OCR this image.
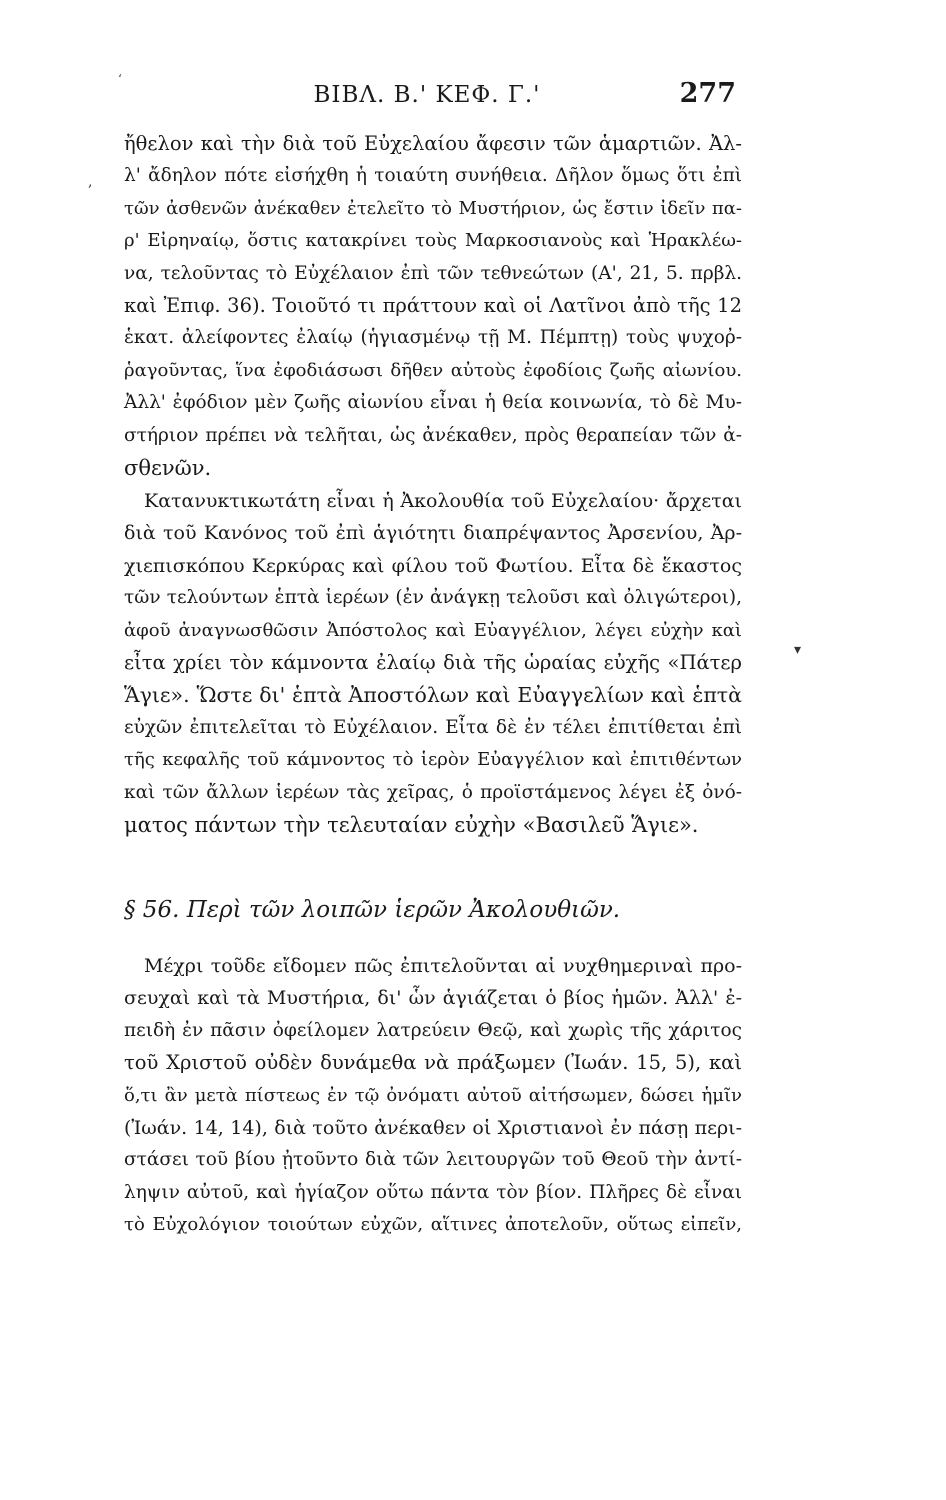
ʻ
,
▾
ΒΙΒΛ. Β.' ΚΕΦ. Γ.'	277
ἤθελον καὶ τὴν διὰ τοῦ Εὐχελαίου ἄφεσιν τῶν ἁμαρτιῶν. Ἀλ-
λ' ἄδηλον πότε εἰσήχθη ἡ τοιαύτη συνήθεια. Δῆλον ὅμως ὅτι ἐπὶ
τῶν ἀσθενῶν ἀνέκαθεν ἐτελεῖτο τὸ Μυστήριον, ὡς ἔστιν ἰδεῖν πα-
ρ' Εἰρηναίῳ, ὅστις κατακρίνει τοὺς Μαρκοσιανοὺς καὶ Ἡρακλέω-
να, τελοῦντας τὸ Εὐχέλαιον ἐπὶ τῶν τεθνεώτων (Α', 21, 5. πρβλ.
καὶ Ἐπιφ. 36). Τοιοῦτό τι πράττουν καὶ οἱ Λατῖνοι ἀπὸ τῆς 12
ἑκατ. ἀλείφοντες ἐλαίῳ (ἡγιασμένῳ τῇ Μ. Πέμπτῃ) τοὺς ψυχοῤ-
ῥαγοῦντας, ἵνα ἐφοδιάσωσι δῆθεν αὐτοὺς ἐφοδίοις ζωῆς αἰωνίου.
Ἀλλ' ἐφόδιον μὲν ζωῆς αἰωνίου εἶναι ἡ θεία κοινωνία, τὸ δὲ Μυ-
στήριον πρέπει νὰ τελῆται, ὡς ἀνέκαθεν, πρὸς θεραπείαν τῶν ἀ-
σθενῶν.
Κατανυκτικωτάτη εἶναι ἡ Ἀκολουθία τοῦ Εὐχελαίου· ἄρχεται
διὰ τοῦ Κανόνος τοῦ ἐπὶ ἁγιότητι διαπρέψαντος Ἀρσενίου, Ἀρ-
χιεπισκόπου Κερκύρας καὶ φίλου τοῦ Φωτίου. Εἶτα δὲ ἕκαστος
τῶν τελούντων ἑπτὰ ἱερέων (ἐν ἀνάγκῃ τελοῦσι καὶ ὀλιγώτεροι),
ἀφοῦ ἀναγνωσθῶσιν Ἀπόστολος καὶ Εὐαγγέλιον, λέγει εὐχὴν καὶ
εἶτα χρίει τὸν κάμνοντα ἐλαίῳ διὰ τῆς ὡραίας εὐχῆς «Πάτερ
Ἅγιε». Ὥστε δι' ἑπτὰ Ἀποστόλων καὶ Εὐαγγελίων καὶ ἑπτὰ
εὐχῶν ἐπιτελεῖται τὸ Εὐχέλαιον. Εἶτα δὲ ἐν τέλει ἐπιτίθεται ἐπὶ
τῆς κεφαλῆς τοῦ κάμνοντος τὸ ἱερὸν Εὐαγγέλιον καὶ ἐπιτιθέντων
καὶ τῶν ἄλλων ἱερέων τὰς χεῖρας, ὁ προϊστάμενος λέγει ἐξ ὀνό-
ματος πάντων τὴν τελευταίαν εὐχὴν «Βασιλεῦ Ἅγιε».
§ 56. Περὶ τῶν λοιπῶν ἱερῶν Ἀκολουθιῶν.
Μέχρι τοῦδε εἴδομεν πῶς ἐπιτελοῦνται αἱ νυχθημεριναὶ προ-
σευχαὶ καὶ τὰ Μυστήρια, δι' ὧν ἁγιάζεται ὁ βίος ἡμῶν. Ἀλλ' ἐ-
πειδὴ ἐν πᾶσιν ὀφείλομεν λατρεύειν Θεῷ, καὶ χωρὶς τῆς χάριτος
τοῦ Χριστοῦ οὐδὲν δυνάμεθα νὰ πράξωμεν (Ἰωάν. 15, 5), καὶ
ὅ,τι ἂν μετὰ πίστεως ἐν τῷ ὀνόματι αὐτοῦ αἰτήσωμεν, δώσει ἡμῖν
(Ἰωάν. 14, 14), διὰ τοῦτο ἀνέκαθεν οἱ Χριστιανοὶ ἐν πάσῃ περι-
στάσει τοῦ βίου ᾐτοῦντο διὰ τῶν λειτουργῶν τοῦ Θεοῦ τὴν ἀντί-
ληψιν αὐτοῦ, καὶ ἡγίαζον οὕτω πάντα τὸν βίον. Πλῆρες δὲ εἶναι
τὸ Εὐχολόγιον τοιούτων εὐχῶν, αἵτινες ἀποτελοῦν, οὕτως εἰπεῖν,
